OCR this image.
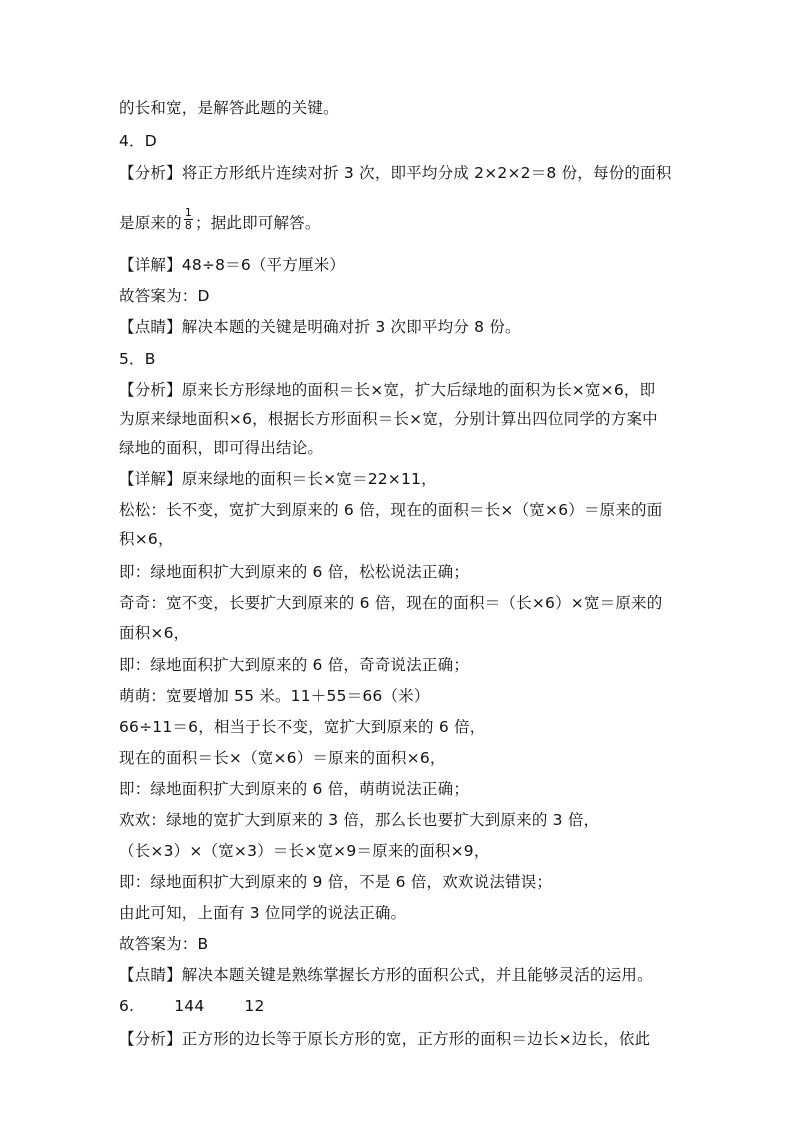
的长和宽，是解答此题的关键。
4．D
【分析】将正方形纸片连续对折 3 次，即平均分成 2×2×2＝8 份，每份的面积
是原来的 $\frac{1}{8}$ ；据此即可解答。
【详解】48÷8＝6（平方厘米）
故答案为：D
【点睛】解决本题的关键是明确对折 3 次即平均分 8 份。
5．B
【分析】原来长方形绿地的面积＝长×宽，扩大后绿地的面积为长×宽×6，即
为原来绿地面积×6，根据长方形面积＝长×宽，分别计算出四位同学的方案中
绿地的面积，即可得出结论。
【详解】原来绿地的面积＝长×宽＝22×11，
松松：长不变，宽扩大到原来的 6 倍，现在的面积＝长×（宽×6）＝原来的面
积×6，
即：绿地面积扩大到原来的 6 倍，松松说法正确；
奇奇：宽不变，长要扩大到原来的 6 倍，现在的面积＝（长×6）×宽＝原来的
面积×6，
即：绿地面积扩大到原来的 6 倍，奇奇说法正确；
萌萌：宽要增加 55 米。11＋55＝66（米）
66÷11＝6，相当于长不变，宽扩大到原来的 6 倍，
现在的面积＝长×（宽×6）＝原来的面积×6，
即：绿地面积扩大到原来的 6 倍，萌萌说法正确；
欢欢：绿地的宽扩大到原来的 3 倍，那么长也要扩大到原来的 3 倍，
（长×3）×（宽×3）＝长×宽×9＝原来的面积×9，
即：绿地面积扩大到原来的 9 倍，不是 6 倍，欢欢说法错误；
由此可知，上面有 3 位同学的说法正确。
故答案为：B
【点睛】解决本题关键是熟练掌握长方形的面积公式，并且能够灵活的运用。
6.	144	12
【分析】正方形的边长等于原长方形的宽，正方形的面积＝边长×边长，依此
